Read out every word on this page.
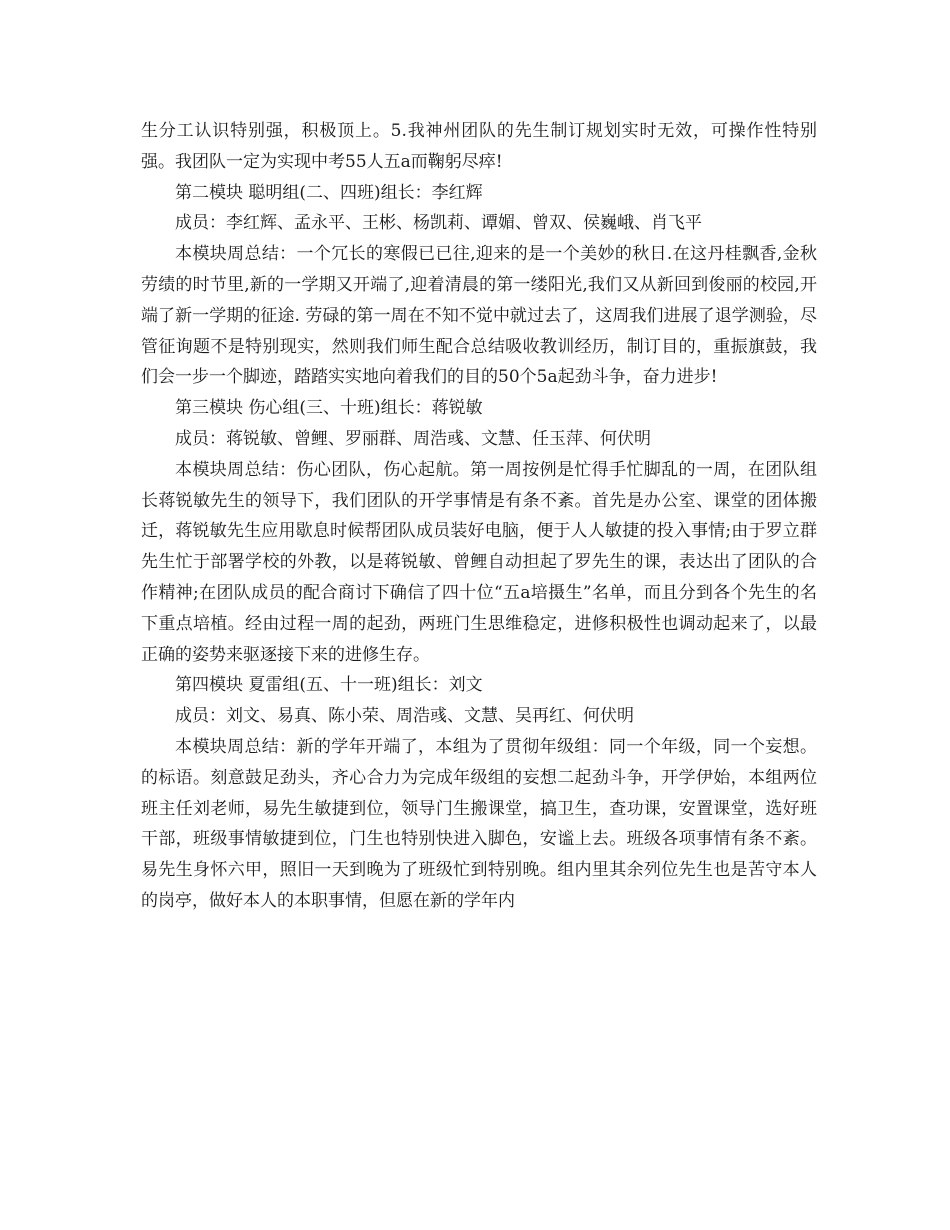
生分工认识特别强，积极顶上。5.我神州团队的先生制订规划实时无效，可操作性特别强。我团队一定为实现中考55人五a而鞠躬尽瘁!

第二模块 聪明组(二、四班)组长：李红辉

成员：李红辉、孟永平、王彬、杨凯莉、谭媚、曾双、侯巍峨、肖飞平

本模块周总结：一个冗长的寒假已已往,迎来的是一个美妙的秋日.在这丹桂飘香,金秋劳绩的时节里,新的一学期又开端了,迎着清晨的第一缕阳光,我们又从新回到俊丽的校园,开端了新一学期的征途. 劳碌的第一周在不知不觉中就过去了，这周我们进展了退学测验，尽管征询题不是特别现实，然则我们师生配合总结吸收教训经历，制订目的，重振旗鼓，我们会一步一个脚迹，踏踏实实地向着我们的目的50个5a起劲斗争，奋力进步!

第三模块 伤心组(三、十班)组长：蒋锐敏

成员：蒋锐敏、曾鲤、罗丽群、周浩彧、文慧、任玉萍、何伏明

本模块周总结：伤心团队，伤心起航。第一周按例是忙得手忙脚乱的一周，在团队组长蒋锐敏先生的领导下，我们团队的开学事情是有条不紊。首先是办公室、课堂的团体搬迁，蒋锐敏先生应用歇息时候帮团队成员装好电脑，便于人人敏捷的投入事情;由于罗立群先生忙于部署学校的外教，以是蒋锐敏、曾鲤自动担起了罗先生的课，表达出了团队的合作精神;在团队成员的配合商讨下确信了四十位“五a培摄生”名单，而且分到各个先生的名下重点培植。经由过程一周的起劲，两班门生思维稳定，进修积极性也调动起来了，以最正确的姿势来驱逐接下来的进修生存。

第四模块 夏雷组(五、十一班)组长：刘文

成员：刘文、易真、陈小荣、周浩彧、文慧、吴再红、何伏明

本模块周总结：新的学年开端了，本组为了贯彻年级组：同一个年级，同一个妄想。的标语。刻意鼓足劲头，齐心合力为完成年级组的妄想二起劲斗争，开学伊始，本组两位班主任刘老师，易先生敏捷到位，领导门生搬课堂，搞卫生，查功课，安置课堂，选好班干部，班级事情敏捷到位，门生也特别快进入脚色，安谧上去。班级各项事情有条不紊。易先生身怀六甲，照旧一天到晚为了班级忙到特别晚。组内里其余列位先生也是苦守本人的岗亭，做好本人的本职事情，但愿在新的学年内
